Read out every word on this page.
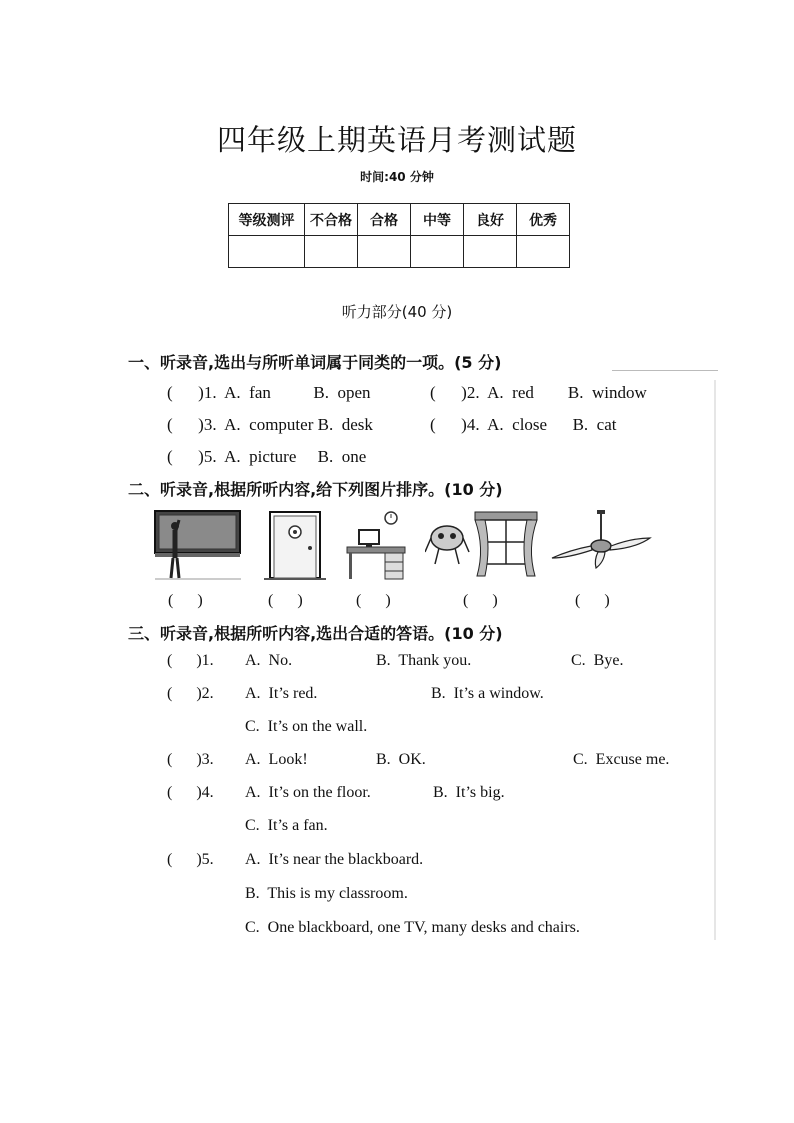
四年级上期英语月考测试题
时间:40 分钟
等级测评	不合格	合格	中等	良好	优秀

听力部分(40 分)
一、听录音,选出与所听单词属于同类的一项。(5 分)
(      )1.  A.  fan          B.  open	(      )2.  A.  red        B.  window
(      )3.  A.  computer B.  desk	(      )4.  A.  close      B.  cat
(      )5.  A.  picture     B.  one
二、听录音,根据所听内容,给下列图片排序。(10 分)
(      )	(      )	(      )	(      )	(      )
三、听录音,根据所听内容,选出合适的答语。(10 分)
(      )1. A.  No.	B.  Thank you.	C.  Bye.
(      )2. A.  It’s red.	B.  It’s a window.
C.  It’s on the wall.
(      )3. A.  Look!	B.  OK.	C.  Excuse me.
(      )4. A.  It’s on the floor.	B.  It’s big.
C.  It’s a fan.
(      )5. A.  It’s near the blackboard.
B.  This is my classroom.
C.  One blackboard, one TV, many desks and chairs.
